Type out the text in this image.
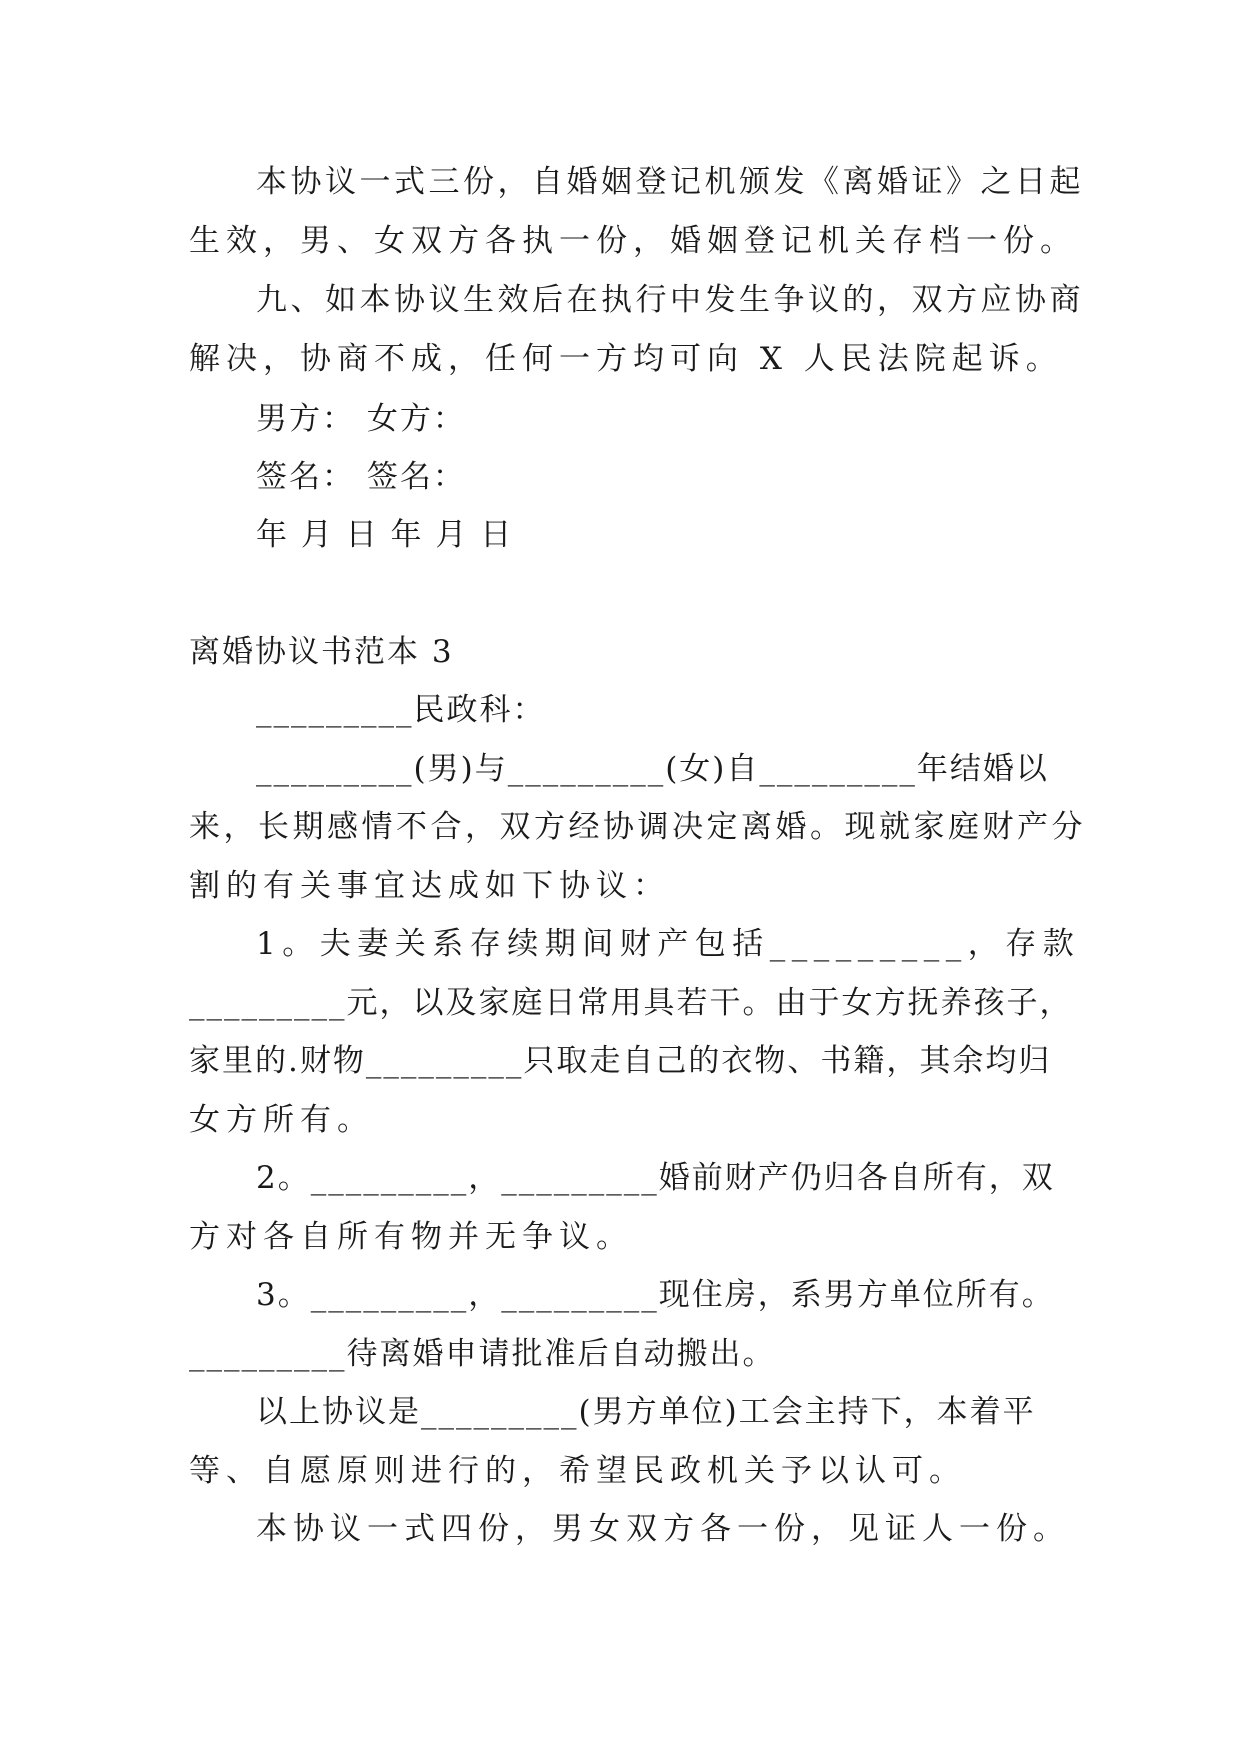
本协议一式三份，自婚姻登记机颁发《离婚证》之日起

生效，男、女双方各执一份，婚姻登记机关存档一份。

九、如本协议生效后在执行中发生争议的，双方应协商

解决，协商不成，任何一方均可向 X 人民法院起诉。

男方： 女方：

签名： 签名：

年 月 日 年 月 日

离婚协议书范本 3

_________民政科：

_________(男)与_________(女)自_________年结婚以

来，长期感情不合，双方经协调决定离婚。现就家庭财产分

割的有关事宜达成如下协议：

1。夫妻关系存续期间财产包括_________，存款

_________元，以及家庭日常用具若干。由于女方抚养孩子，

家里的.财物_________只取走自己的衣物、书籍，其余均归

女方所有。

2。_________，_________婚前财产仍归各自所有，双

方对各自所有物并无争议。

3。_________，_________现住房，系男方单位所有。

_________待离婚申请批准后自动搬出。

以上协议是_________(男方单位)工会主持下，本着平

等、自愿原则进行的，希望民政机关予以认可。

本协议一式四份，男女双方各一份，见证人一份。
